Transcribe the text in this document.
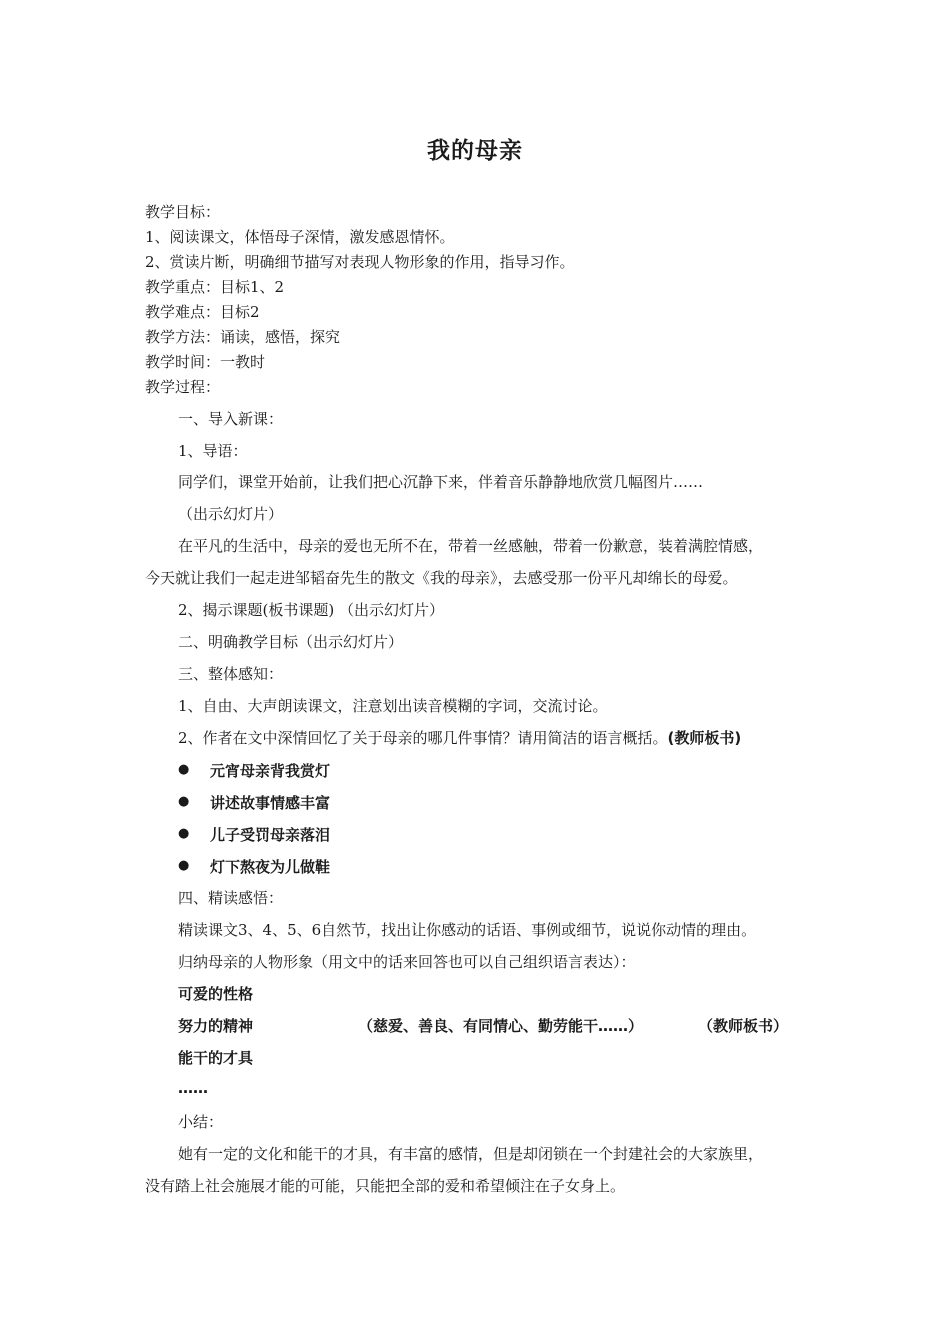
我的母亲
教学目标：
1、阅读课文，体悟母子深情，激发感恩情怀。
2、赏读片断，明确细节描写对表现人物形象的作用，指导习作。
教学重点：目标1、2
教学难点：目标2
教学方法：诵读，感悟，探究
教学时间：一教时
教学过程：
一、导入新课：
1、导语：
同学们，课堂开始前，让我们把心沉静下来，伴着音乐静静地欣赏几幅图片……
（出示幻灯片）
在平凡的生活中，母亲的爱也无所不在，带着一丝感触，带着一份歉意，装着满腔情感，
今天就让我们一起走进邹韬奋先生的散文《我的母亲》，去感受那一份平凡却绵长的母爱。
2、揭示课题(板书课题) （出示幻灯片）
二、明确教学目标（出示幻灯片）
三、整体感知：
1、自由、大声朗读课文，注意划出读音模糊的字词，交流讨论。
2、作者在文中深情回忆了关于母亲的哪几件事情？请用简洁的语言概括。(教师板书)
● 元宵母亲背我赏灯
● 讲述故事情感丰富
● 儿子受罚母亲落泪
● 灯下熬夜为儿做鞋
四、精读感悟：
精读课文3、4、5、6自然节，找出让你感动的话语、事例或细节，说说你动情的理由。
归纳母亲的人物形象（用文中的话来回答也可以自己组织语言表达）：
可爱的性格
努力的精神	（慈爱、善良、有同情心、勤劳能干……）	（教师板书）
能干的才具
……
小结：
她有一定的文化和能干的才具，有丰富的感情，但是却闭锁在一个封建社会的大家族里，
没有踏上社会施展才能的可能，只能把全部的爱和希望倾注在子女身上。
